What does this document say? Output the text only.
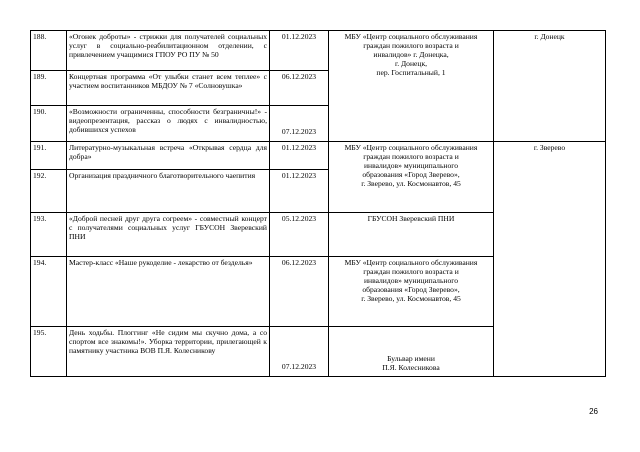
188.	«Огонек доброты» - стрижки для получателей социальных услуг в социально-реабилитационном отделении, с привлечением учащимися ГПОУ РО ПУ № 50	01.12.2023	МБУ «Центр социального обслуживания
граждан пожилого возраста и
инвалидов» г. Донецка,
г. Донецк,
пер. Госпитальный, 1	г. Донецк
189.	Концертная программа «От улыбки станет всем теплее» с участием воспитанников МБДОУ № 7 «Солновушка»	06.12.2023		
190.	«Возможности ограниченны, способности безграничны!» - видеопрезентация, рассказ о людях с инвалидностью, добившихся успехов	07.12.2023		
191.	Литературно-музыкальная встреча «Открывая сердца для добра»	01.12.2023	МБУ «Центр социального обслуживания
граждан пожилого возраста и
инвалидов» муниципального
образования «Город Зверево»,
г. Зверево, ул. Космонавтов, 45	г. Зверево
192.	Организация праздничного благотворительного чаепития	01.12.2023		
193.	«Доброй песней друг друга согреем» - совместный концерт с получателями социальных услуг ГБУСОН Зверевский ПНИ	05.12.2023	ГБУСОН Зверевский ПНИ	
194.	Мастер-класс «Наше рукоделие - лекарство от безделья»	06.12.2023	МБУ «Центр социального обслуживания
граждан пожилого возраста и
инвалидов» муниципального
образования «Город Зверево»,
г. Зверево, ул. Космонавтов, 45	

195.	День ходьбы. Плоггинг «Не сидим мы скучно дома, а со спортом все знакомы!». Уборка территории, прилегающей к памятнику участника ВОВ П.Я. Колесникову	07.12.2023	Бульвар имени
П.Я. Колесникова	
26
